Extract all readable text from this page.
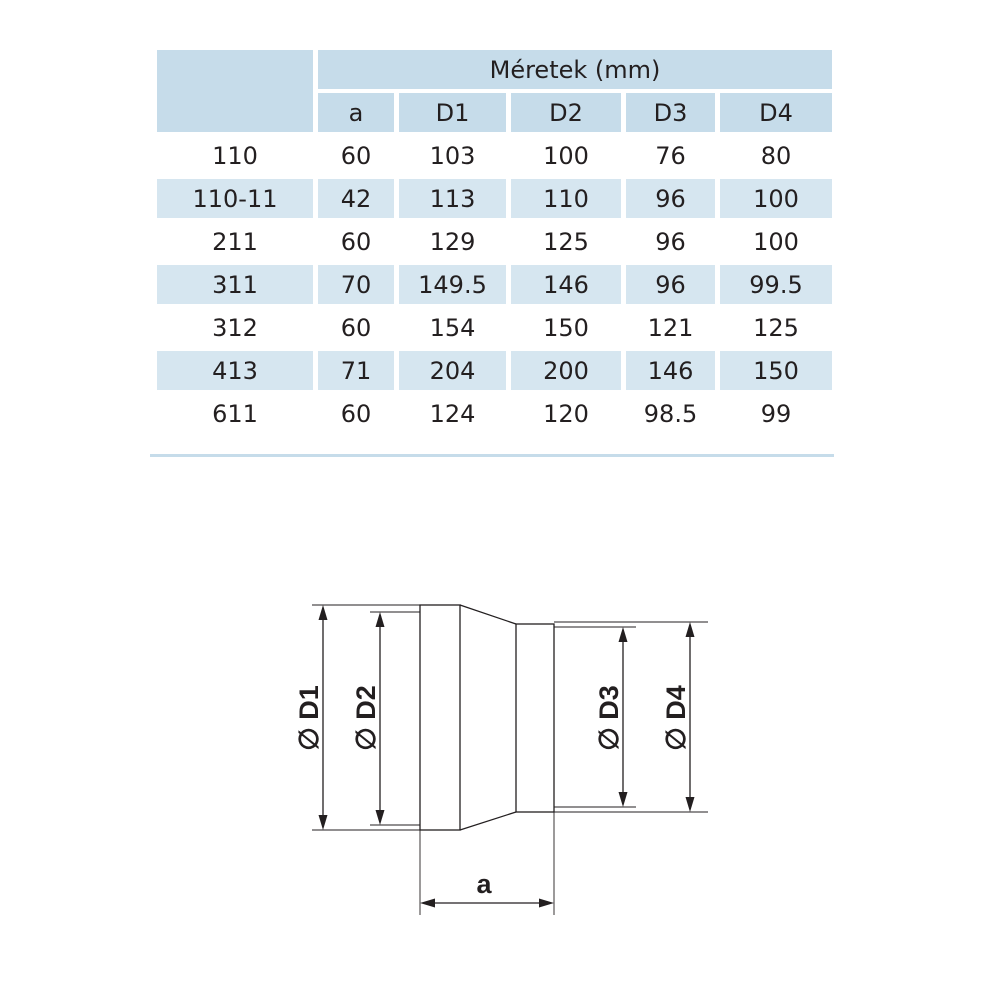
	Méretek (mm)				
	a	D1	D2	D3	D4
110	60	103	100	76	80
110-11	42	113	110	96	100
211	60	129	125	96	100
311	70	149.5	146	96	99.5
312	60	154	150	121	125
413	71	204	200	146	150
611	60	124	120	98.5	99
∅ D1 ∅ D2	∅ D3 ∅ D4
a
